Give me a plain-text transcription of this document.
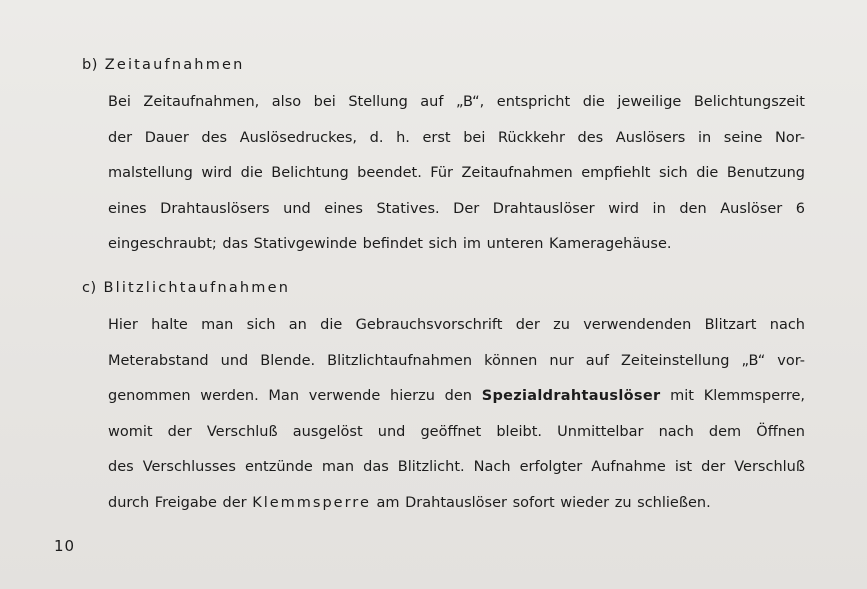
b) Zeitaufnahmen
Bei Zeitaufnahmen, also bei Stellung auf „B“, entspricht die jeweilige Belichtungszeit
der Dauer des Auslösedruckes, d. h. erst bei Rückkehr des Auslösers in seine Nor-
malstellung wird die Belichtung beendet. Für Zeitaufnahmen empfiehlt sich die Benutzung
eines Drahtauslösers und eines Statives. Der Drahtauslöser wird in den Auslöser 6
eingeschraubt; das Stativgewinde befindet sich im unteren Kameragehäuse.
c) Blitzlichtaufnahmen
Hier halte man sich an die Gebrauchsvorschrift der zu verwendenden Blitzart nach
Meterabstand und Blende. Blitzlichtaufnahmen können nur auf Zeiteinstellung „B“ vor-
genommen werden. Man verwende hierzu den Spezialdrahtauslöser mit Klemmsperre,
womit der Verschluß ausgelöst und geöffnet bleibt. Unmittelbar nach dem Öffnen
des Verschlusses entzünde man das Blitzlicht. Nach erfolgter Aufnahme ist der Verschluß
durch Freigabe der Klemmsperre am Drahtauslöser sofort wieder zu schließen.
10
